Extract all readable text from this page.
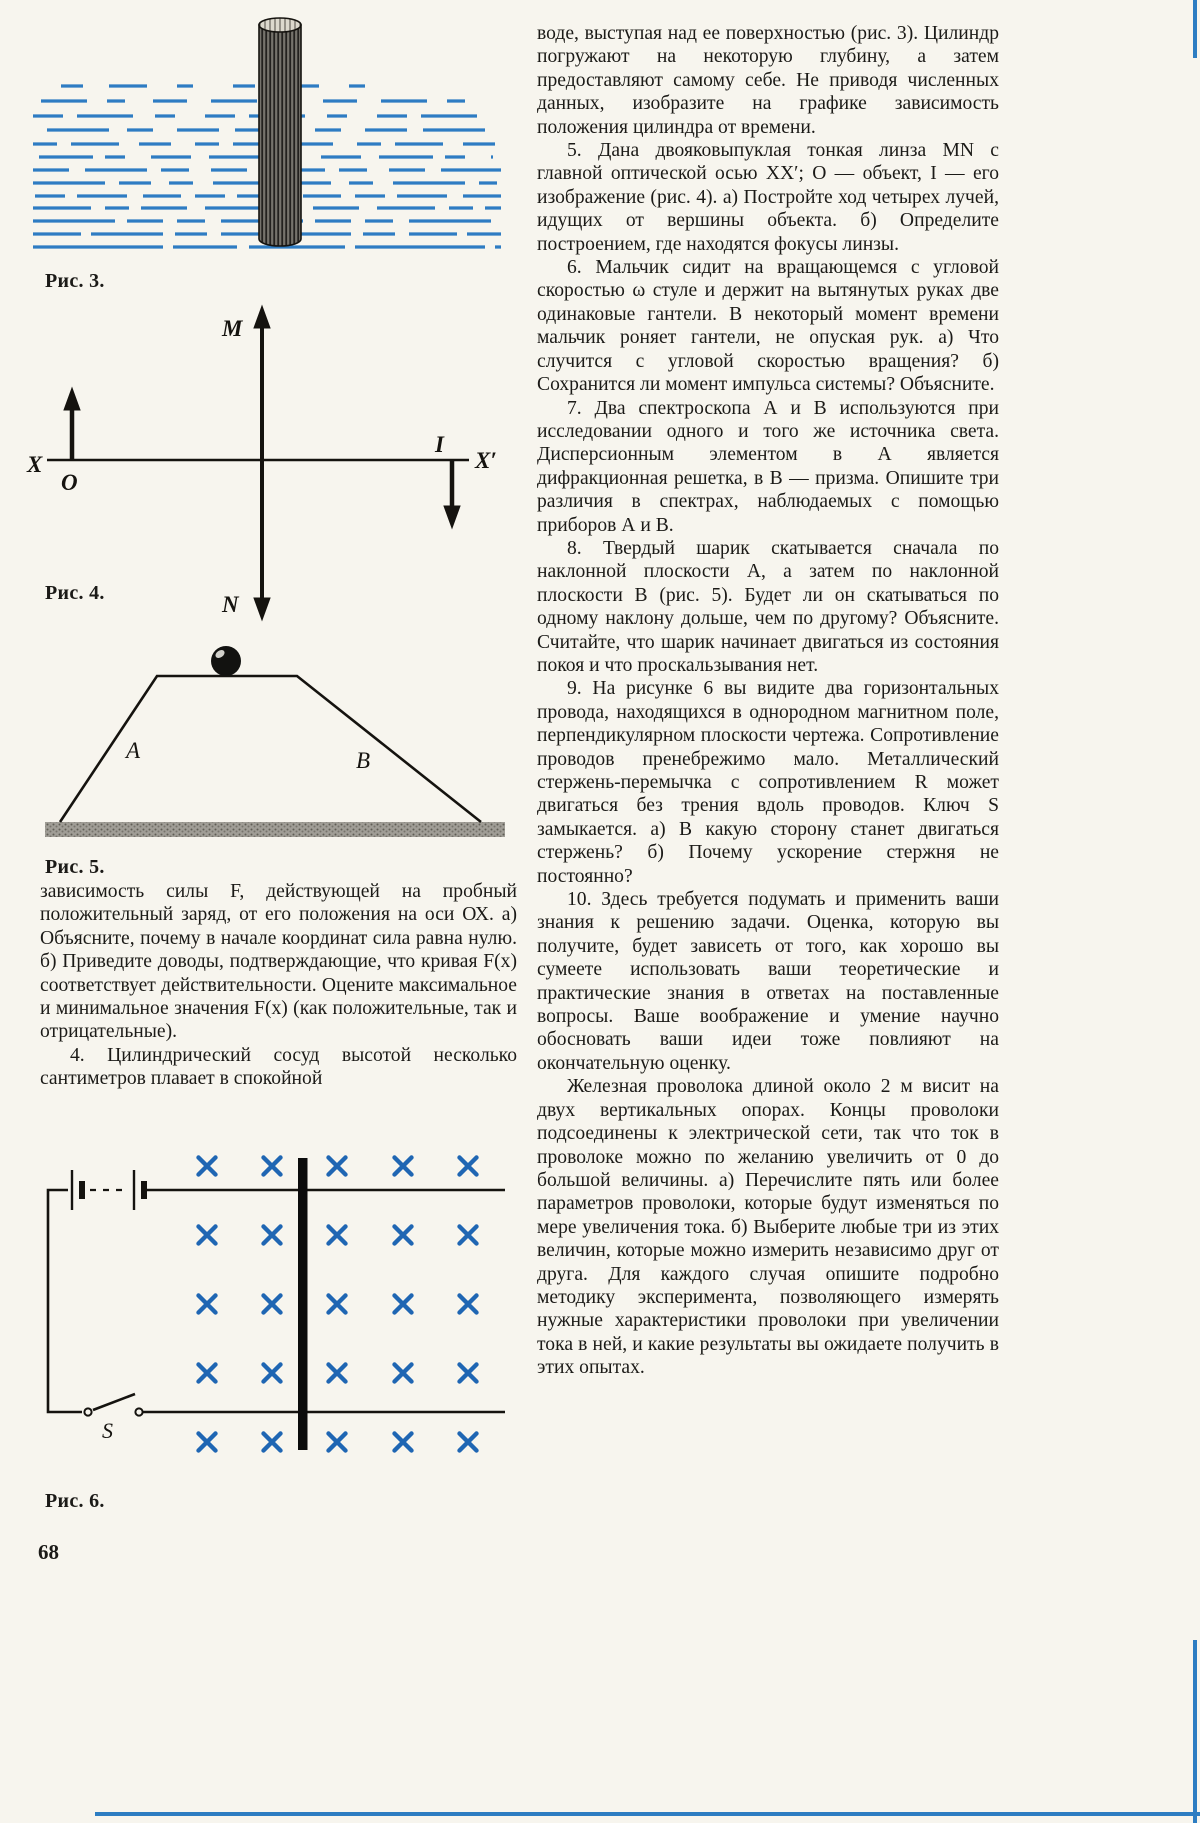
Рис. 3.
M
N
X	X′
O
I
Рис. 4.
A	B
Рис. 5.

зависимость силы F, действующей на пробный положительный заряд, от его положения на оси ОХ. а) Объясните, почему в начале координат сила равна нулю. б) Приведите доводы, подтверждающие, что кривая F(x) соответствует действительности. Оцените максимальное и минимальное значения F(x) (как положительные, так и отрицательные).

4. Цилиндрический сосуд высотой несколько сантиметров плавает в спокойной

S
Рис. 6.
68

воде, выступая над ее поверхностью (рис. 3). Цилиндр погружают на некоторую глубину, а затем предоставляют самому себе. Не приводя численных данных, изобразите на графике зависимость положения цилиндра от времени.

5. Дана двояковыпуклая тонкая линза MN с главной оптической осью XX′; O — объект, I — его изображение (рис. 4). а) Постройте ход четырех лучей, идущих от вершины объекта. б) Определите построением, где находятся фокусы линзы.

6. Мальчик сидит на вращающемся с угловой скоростью ω стуле и держит на вытянутых руках две одинаковые гантели. В некоторый момент времени мальчик роняет гантели, не опуская рук. а) Что случится с угловой скоростью вращения? б) Сохранится ли момент импульса системы? Объясните.

7. Два спектроскопа А и В используются при исследовании одного и того же источника света. Дисперсионным элементом в А является дифракционная решетка, в В — призма. Опишите три различия в спектрах, наблюдаемых с помощью приборов А и В.

8. Твердый шарик скатывается сначала по наклонной плоскости А, а затем по наклонной плоскости В (рис. 5). Будет ли он скатываться по одному наклону дольше, чем по другому? Объясните. Считайте, что шарик начинает двигаться из состояния покоя и что проскальзывания нет.

9. На рисунке 6 вы видите два горизонтальных провода, находящихся в однородном магнитном поле, перпендикулярном плоскости чертежа. Сопротивление проводов пренебрежимо мало. Металлический стержень-перемычка с сопротивлением R может двигаться без трения вдоль проводов. Ключ S замыкается. а) В какую сторону станет двигаться стержень? б) Почему ускорение стержня не постоянно?

10. Здесь требуется подумать и применить ваши знания к решению задачи. Оценка, которую вы получите, будет зависеть от того, как хорошо вы сумеете использовать ваши теоретические и практические знания в ответах на поставленные вопросы. Ваше воображение и умение научно обосновать ваши идеи тоже повлияют на окончательную оценку.

Железная проволока длиной около 2 м висит на двух вертикальных опорах. Концы проволоки подсоединены к электрической сети, так что ток в проволоке можно по желанию увеличить от 0 до большой величины. а) Перечислите пять или более параметров проволоки, которые будут изменяться по мере увеличения тока. б) Выберите любые три из этих величин, которые можно измерить независимо друг от друга. Для каждого случая опишите подробно методику эксперимента, позволяющего измерять нужные характеристики проволоки при увеличении тока в ней, и какие результаты вы ожидаете получить в этих опытах.
